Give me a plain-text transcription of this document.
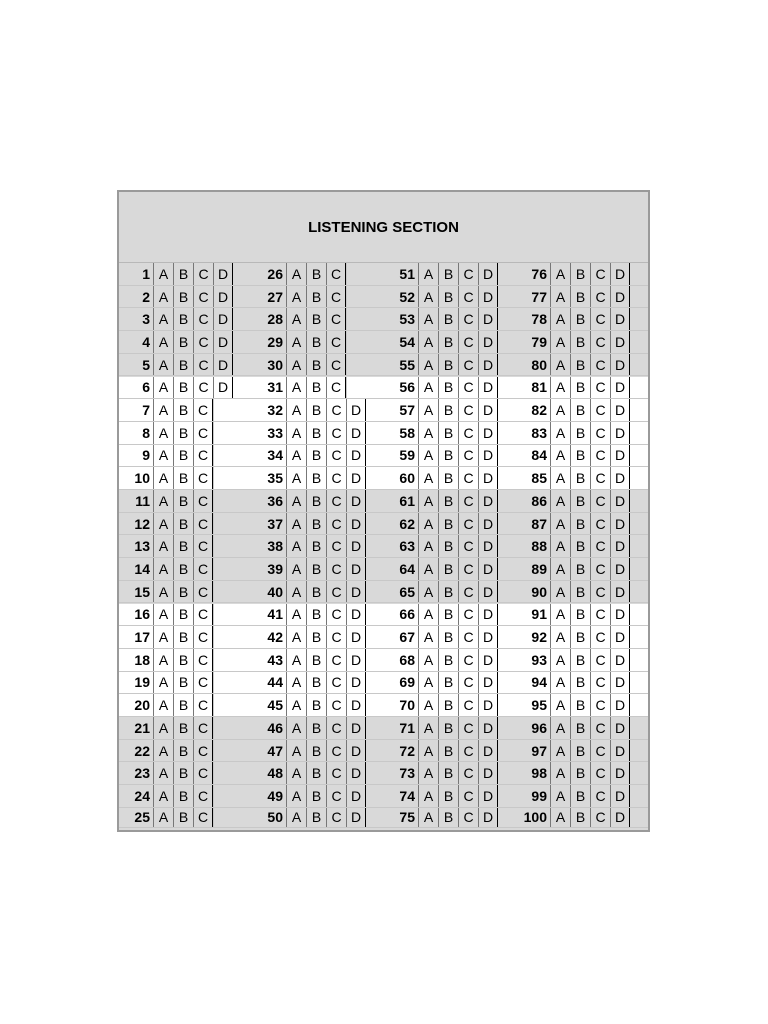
LISTENING SECTION
1 A B C D
2 A B C D
3 A B C D
4 A B C D
5 A B C D
6 A B C D
7 A B C
8 A B C
9 A B C
10 A B C
11 A B C
12 A B C
13 A B C
14 A B C
15 A B C
16 A B C
17 A B C
18 A B C
19 A B C
20 A B C
21 A B C
22 A B C
23 A B C
24 A B C
25 A B C
26 A B C
27 A B C
28 A B C
29 A B C
30 A B C
31 A B C
32 A B C D
33 A B C D
34 A B C D
35 A B C D
36 A B C D
37 A B C D
38 A B C D
39 A B C D
40 A B C D
41 A B C D
42 A B C D
43 A B C D
44 A B C D
45 A B C D
46 A B C D
47 A B C D
48 A B C D
49 A B C D
50 A B C D
51 A B C D
52 A B C D
53 A B C D
54 A B C D
55 A B C D
56 A B C D
57 A B C D
58 A B C D
59 A B C D
60 A B C D
61 A B C D
62 A B C D
63 A B C D
64 A B C D
65 A B C D
66 A B C D
67 A B C D
68 A B C D
69 A B C D
70 A B C D
71 A B C D
72 A B C D
73 A B C D
74 A B C D
75 A B C D
76 A B C D
77 A B C D
78 A B C D
79 A B C D
80 A B C D
81 A B C D
82 A B C D
83 A B C D
84 A B C D
85 A B C D
86 A B C D
87 A B C D
88 A B C D
89 A B C D
90 A B C D
91 A B C D
92 A B C D
93 A B C D
94 A B C D
95 A B C D
96 A B C D
97 A B C D
98 A B C D
99 A B C D
100 A B C D
